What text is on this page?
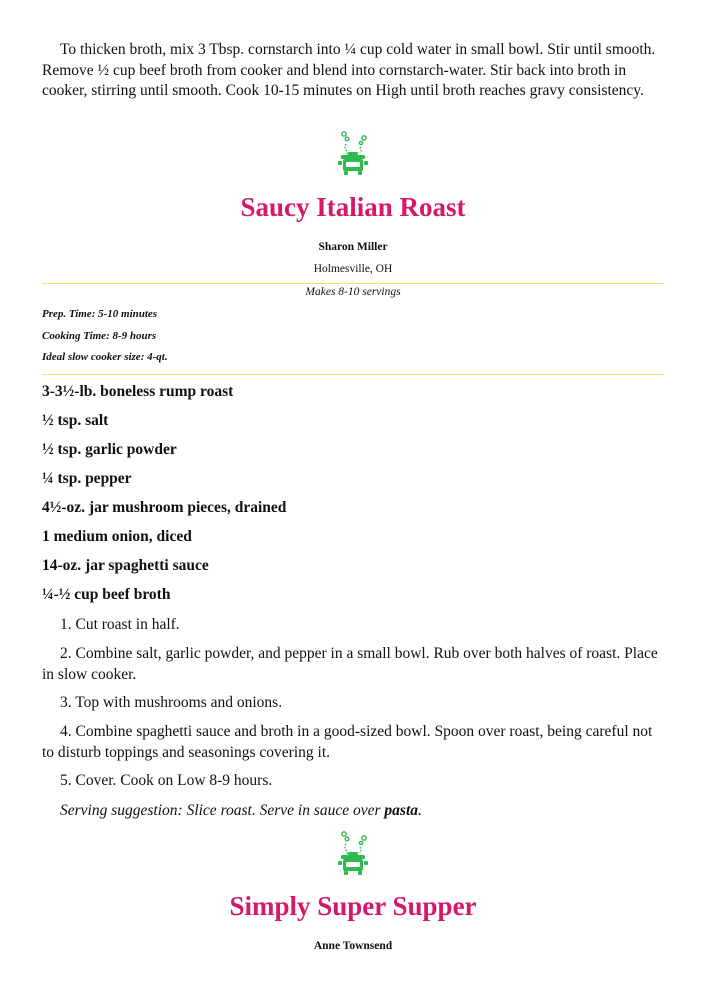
To thicken broth, mix 3 Tbsp. cornstarch into ¼ cup cold water in small bowl. Stir until smooth. Remove ½ cup beef broth from cooker and blend into cornstarch-water. Stir back into broth in cooker, stirring until smooth. Cook 10-15 minutes on High until broth reaches gravy consistency.

Saucy Italian Roast

Sharon Miller

Holmesville, OH

Makes 8-10 servings

Prep. Time: 5-10 minutes

Cooking Time: 8-9 hours

Ideal slow cooker size: 4-qt.

3-3½-lb. boneless rump roast

½ tsp. salt

½ tsp. garlic powder

¼ tsp. pepper

4½-oz. jar mushroom pieces, drained

1 medium onion, diced

14-oz. jar spaghetti sauce

¼-½ cup beef broth

1. Cut roast in half.

2. Combine salt, garlic powder, and pepper in a small bowl. Rub over both halves of roast. Place in slow cooker.

3. Top with mushrooms and onions.

4. Combine spaghetti sauce and broth in a good-sized bowl. Spoon over roast, being careful not to disturb toppings and seasonings covering it.

5. Cover. Cook on Low 8-9 hours.

Serving suggestion: Slice roast. Serve in sauce over pasta.

Simply Super Supper

Anne Townsend
